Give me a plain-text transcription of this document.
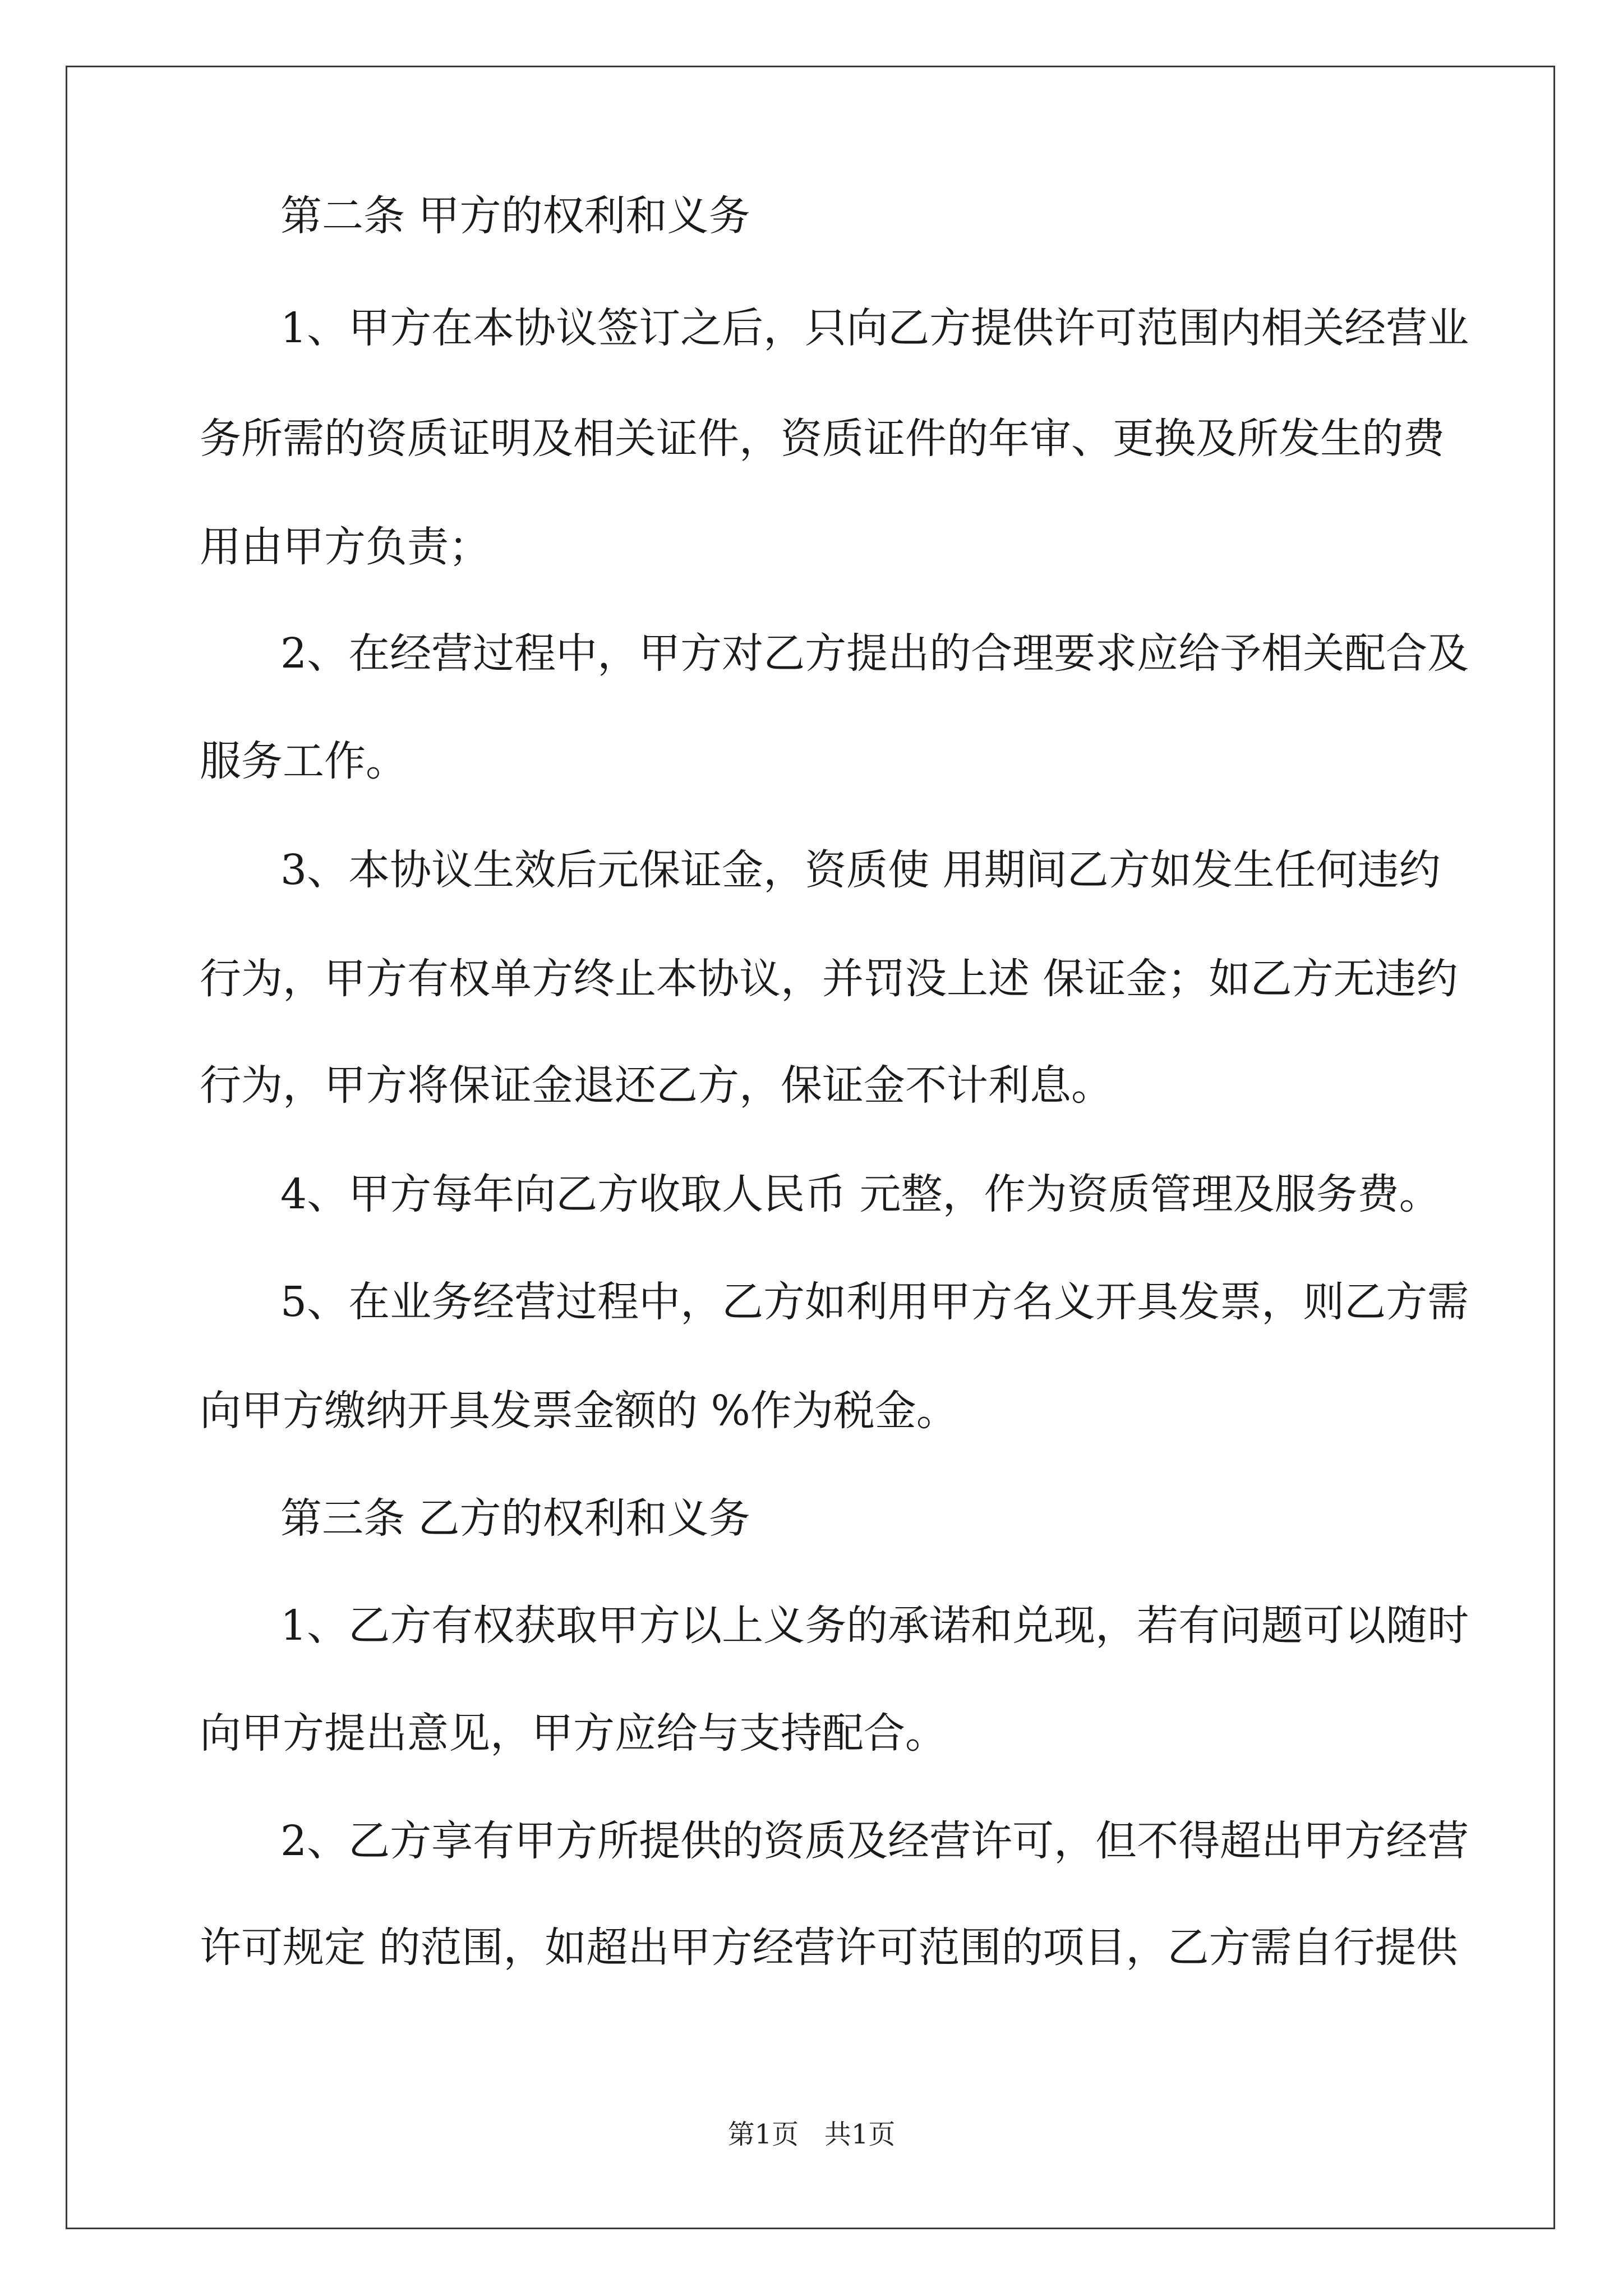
第二条 甲方的权利和义务
1、甲方在本协议签订之后，只向乙方提供许可范围内相关经营业
务所需的资质证明及相关证件，资质证件的年审、更换及所发生的费
用由甲方负责；
2、在经营过程中，甲方对乙方提出的合理要求应给予相关配合及
服务工作。
3、本协议生效后元保证金，资质使 用期间乙方如发生任何违约
行为，甲方有权单方终止本协议，并罚没上述 保证金；如乙方无违约
行为，甲方将保证金退还乙方，保证金不计利息。
4、甲方每年向乙方收取人民币 元整，作为资质管理及服务费。
5、在业务经营过程中，乙方如利用甲方名义开具发票，则乙方需
向甲方缴纳开具发票金额的 %作为税金。
第三条 乙方的权利和义务
1、乙方有权获取甲方以上义务的承诺和兑现，若有问题可以随时
向甲方提出意见，甲方应给与支持配合。
2、乙方享有甲方所提供的资质及经营许可，但不得超出甲方经营
许可规定 的范围，如超出甲方经营许可范围的项目，乙方需自行提供
第1页 共1页
